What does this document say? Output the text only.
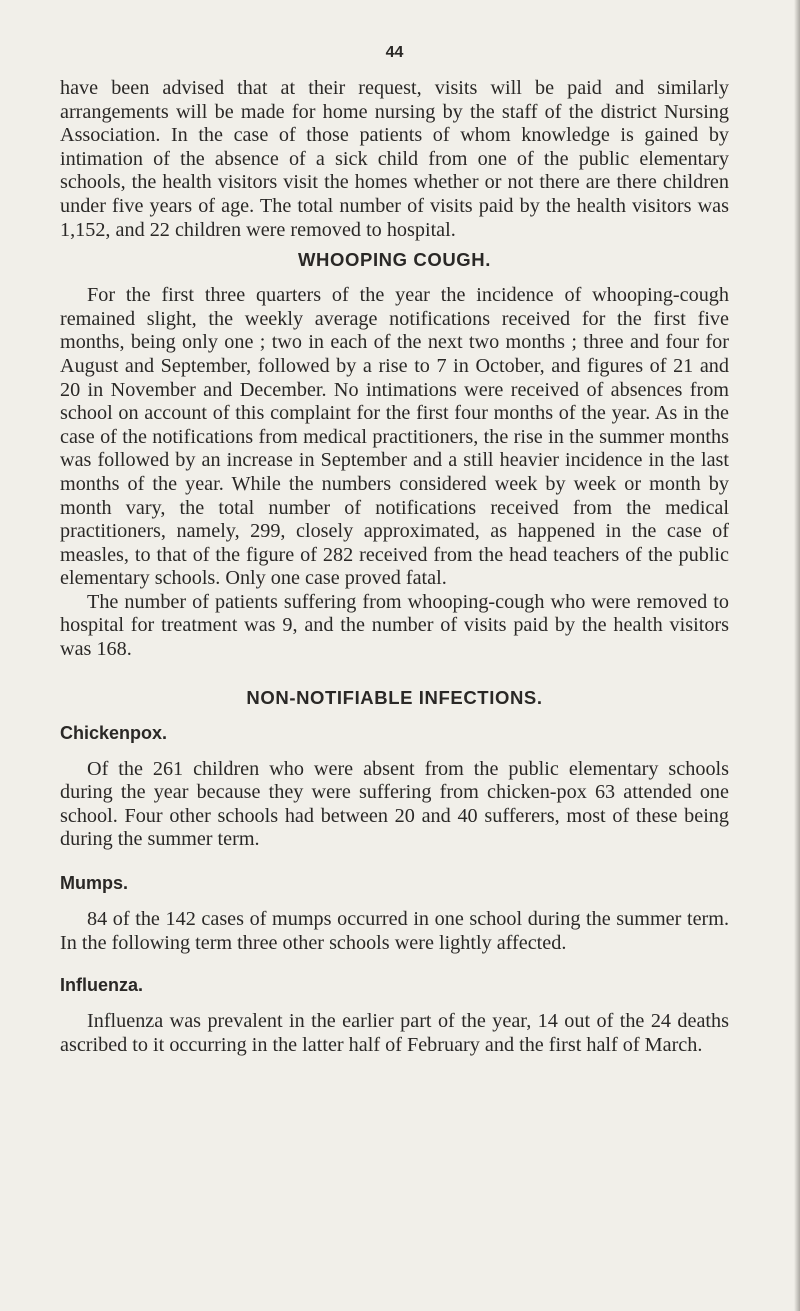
44

have been advised that at their request, visits will be paid and similarly arrangements will be made for home nursing by the staff of the district Nursing Association. In the case of those patients of whom knowledge is gained by intimation of the absence of a sick child from one of the public elementary schools, the health visitors visit the homes whether or not there are there children under five years of age. The total number of visits paid by the health visitors was 1,152, and 22 children were removed to hospital.

WHOOPING COUGH.

For the first three quarters of the year the incidence of whooping-cough remained slight, the weekly average notifications received for the first five months, being only one ; two in each of the next two months ; three and four for August and September, followed by a rise to 7 in October, and figures of 21 and 20 in November and December. No intimations were received of absences from school on account of this complaint for the first four months of the year. As in the case of the notifications from medical practitioners, the rise in the summer months was followed by an increase in September and a still heavier incidence in the last months of the year. While the numbers considered week by week or month by month vary, the total number of notifications received from the medical practitioners, namely, 299, closely approximated, as happened in the case of measles, to that of the figure of 282 received from the head teachers of the public elementary schools. Only one case proved fatal.

The number of patients suffering from whooping-cough who were removed to hospital for treatment was 9, and the number of visits paid by the health visitors was 168.

NON-NOTIFIABLE INFECTIONS.
Chickenpox.

Of the 261 children who were absent from the public elementary schools during the year because they were suffering from chicken-pox 63 attended one school. Four other schools had between 20 and 40 sufferers, most of these being during the summer term.

Mumps.

84 of the 142 cases of mumps occurred in one school during the summer term. In the following term three other schools were lightly affected.

Influenza.

Influenza was prevalent in the earlier part of the year, 14 out of the 24 deaths ascribed to it occurring in the latter half of February and the first half of March.
